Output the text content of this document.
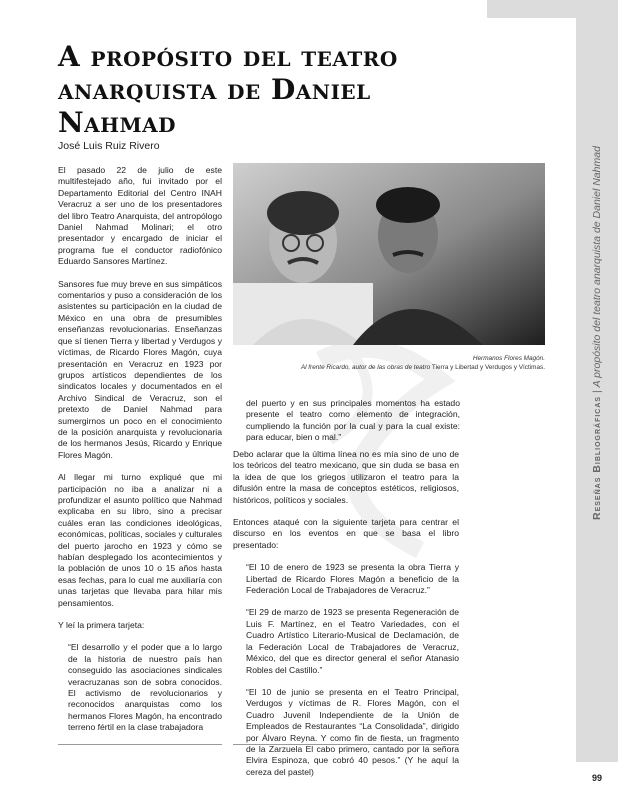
Reseñas Bibliográficas | A propósito del teatro anarquista de Daniel Nahmad
99
A propósito del teatro anarquista de Daniel Nahmad
José Luis Ruiz Rivero

El pasado 22 de julio de este multifestejado año, fui invitado por el Departamento Editorial del Centro INAH Veracruz a ser uno de los presentadores del libro Teatro Anarquista, del antropólogo Daniel Nahmad Molinari; el otro presentador y encargado de iniciar el programa fue el conductor radiofónico Eduardo Sansores Martínez.

Sansores fue muy breve en sus simpáticos comentarios y puso a consideración de los asistentes su participación en la ciudad de México en una obra de presumibles enseñanzas revolucionarias. Enseñanzas que sí tienen Tierra y libertad y Verdugos y víctimas, de Ricardo Flores Magón, cuya presentación en Veracruz en 1923 por grupos artísticos dependientes de los sindicatos locales y documentados en el Archivo Sindical de Veracruz, son el pretexto de Daniel Nahmad para sumergirnos un poco en el conocimiento de la posición anarquista y revolucionaria de los hermanos Jesús, Ricardo y Enrique Flores Magón.

Al llegar mi turno expliqué que mi participación no iba a analizar ni a profundizar el asunto político que Nahmad explicaba en su libro, sino a precisar cuáles eran las condiciones ideológicas, económicas, políticas, sociales y culturales del puerto jarocho en 1923 y cómo se habían desplegado los acontecimientos y la población de unos 10 o 15 años hasta esas fechas, para lo cual me auxiliaría con unas tarjetas que llevaba para hilar mis pensamientos.

Y leí la primera tarjeta:

“El desarrollo y el poder que a lo largo de la historia de nuestro país han conseguido las asociaciones sindicales veracruzanas son de sobra conocidos. El activismo de revolucionarios y reconocidos anarquistas como los hermanos Flores Magón, ha encontrado terreno fértil en la clase trabajadora

Hermanos Flores Magón.
Al frente Ricardo, autor de las obras de teatro Tierra y Libertad y Verdugos y Víctimas.

del puerto y en sus principales momentos ha estado presente el teatro como elemento de integración, cumpliendo la función por la cual y para la cual existe: para educar, bien o mal.”

Debo aclarar que la última línea no es mía sino de uno de los teóricos del teatro mexicano, que sin duda se basa en la idea de que los griegos utilizaron el teatro para la difusión entre la masa de conceptos estéticos, religiosos, históricos, políticos y sociales.

Entonces ataqué con la siguiente tarjeta para centrar el discurso en los eventos en que se basa el libro presentado:

“El 10 de enero de 1923 se presenta la obra Tierra y Libertad de Ricardo Flores Magón a beneficio de la Federación Local de Trabajadores de Veracruz.”

“El 29 de marzo de 1923 se presenta Regeneración de Luis F. Martínez, en el Teatro Variedades, con el Cuadro Artístico Literario-Musical de Declamación, de la Federación Local de Trabajadores de Veracruz, México, del que es director general el señor Atanasio Robles del Castillo.”

“El 10 de junio se presenta en el Teatro Principal, Verdugos y víctimas de R. Flores Magón, con el Cuadro Juvenil Independiente de la Unión de Empleados de Restaurantes “La Consolidada”, dirigido por Álvaro Reyna. Y como fin de fiesta, un fragmento de la Zarzuela El cabo primero, cantado por la señora Elvira Espinoza, que cobró 40 pesos.” (Y he aquí la cereza del pastel)
